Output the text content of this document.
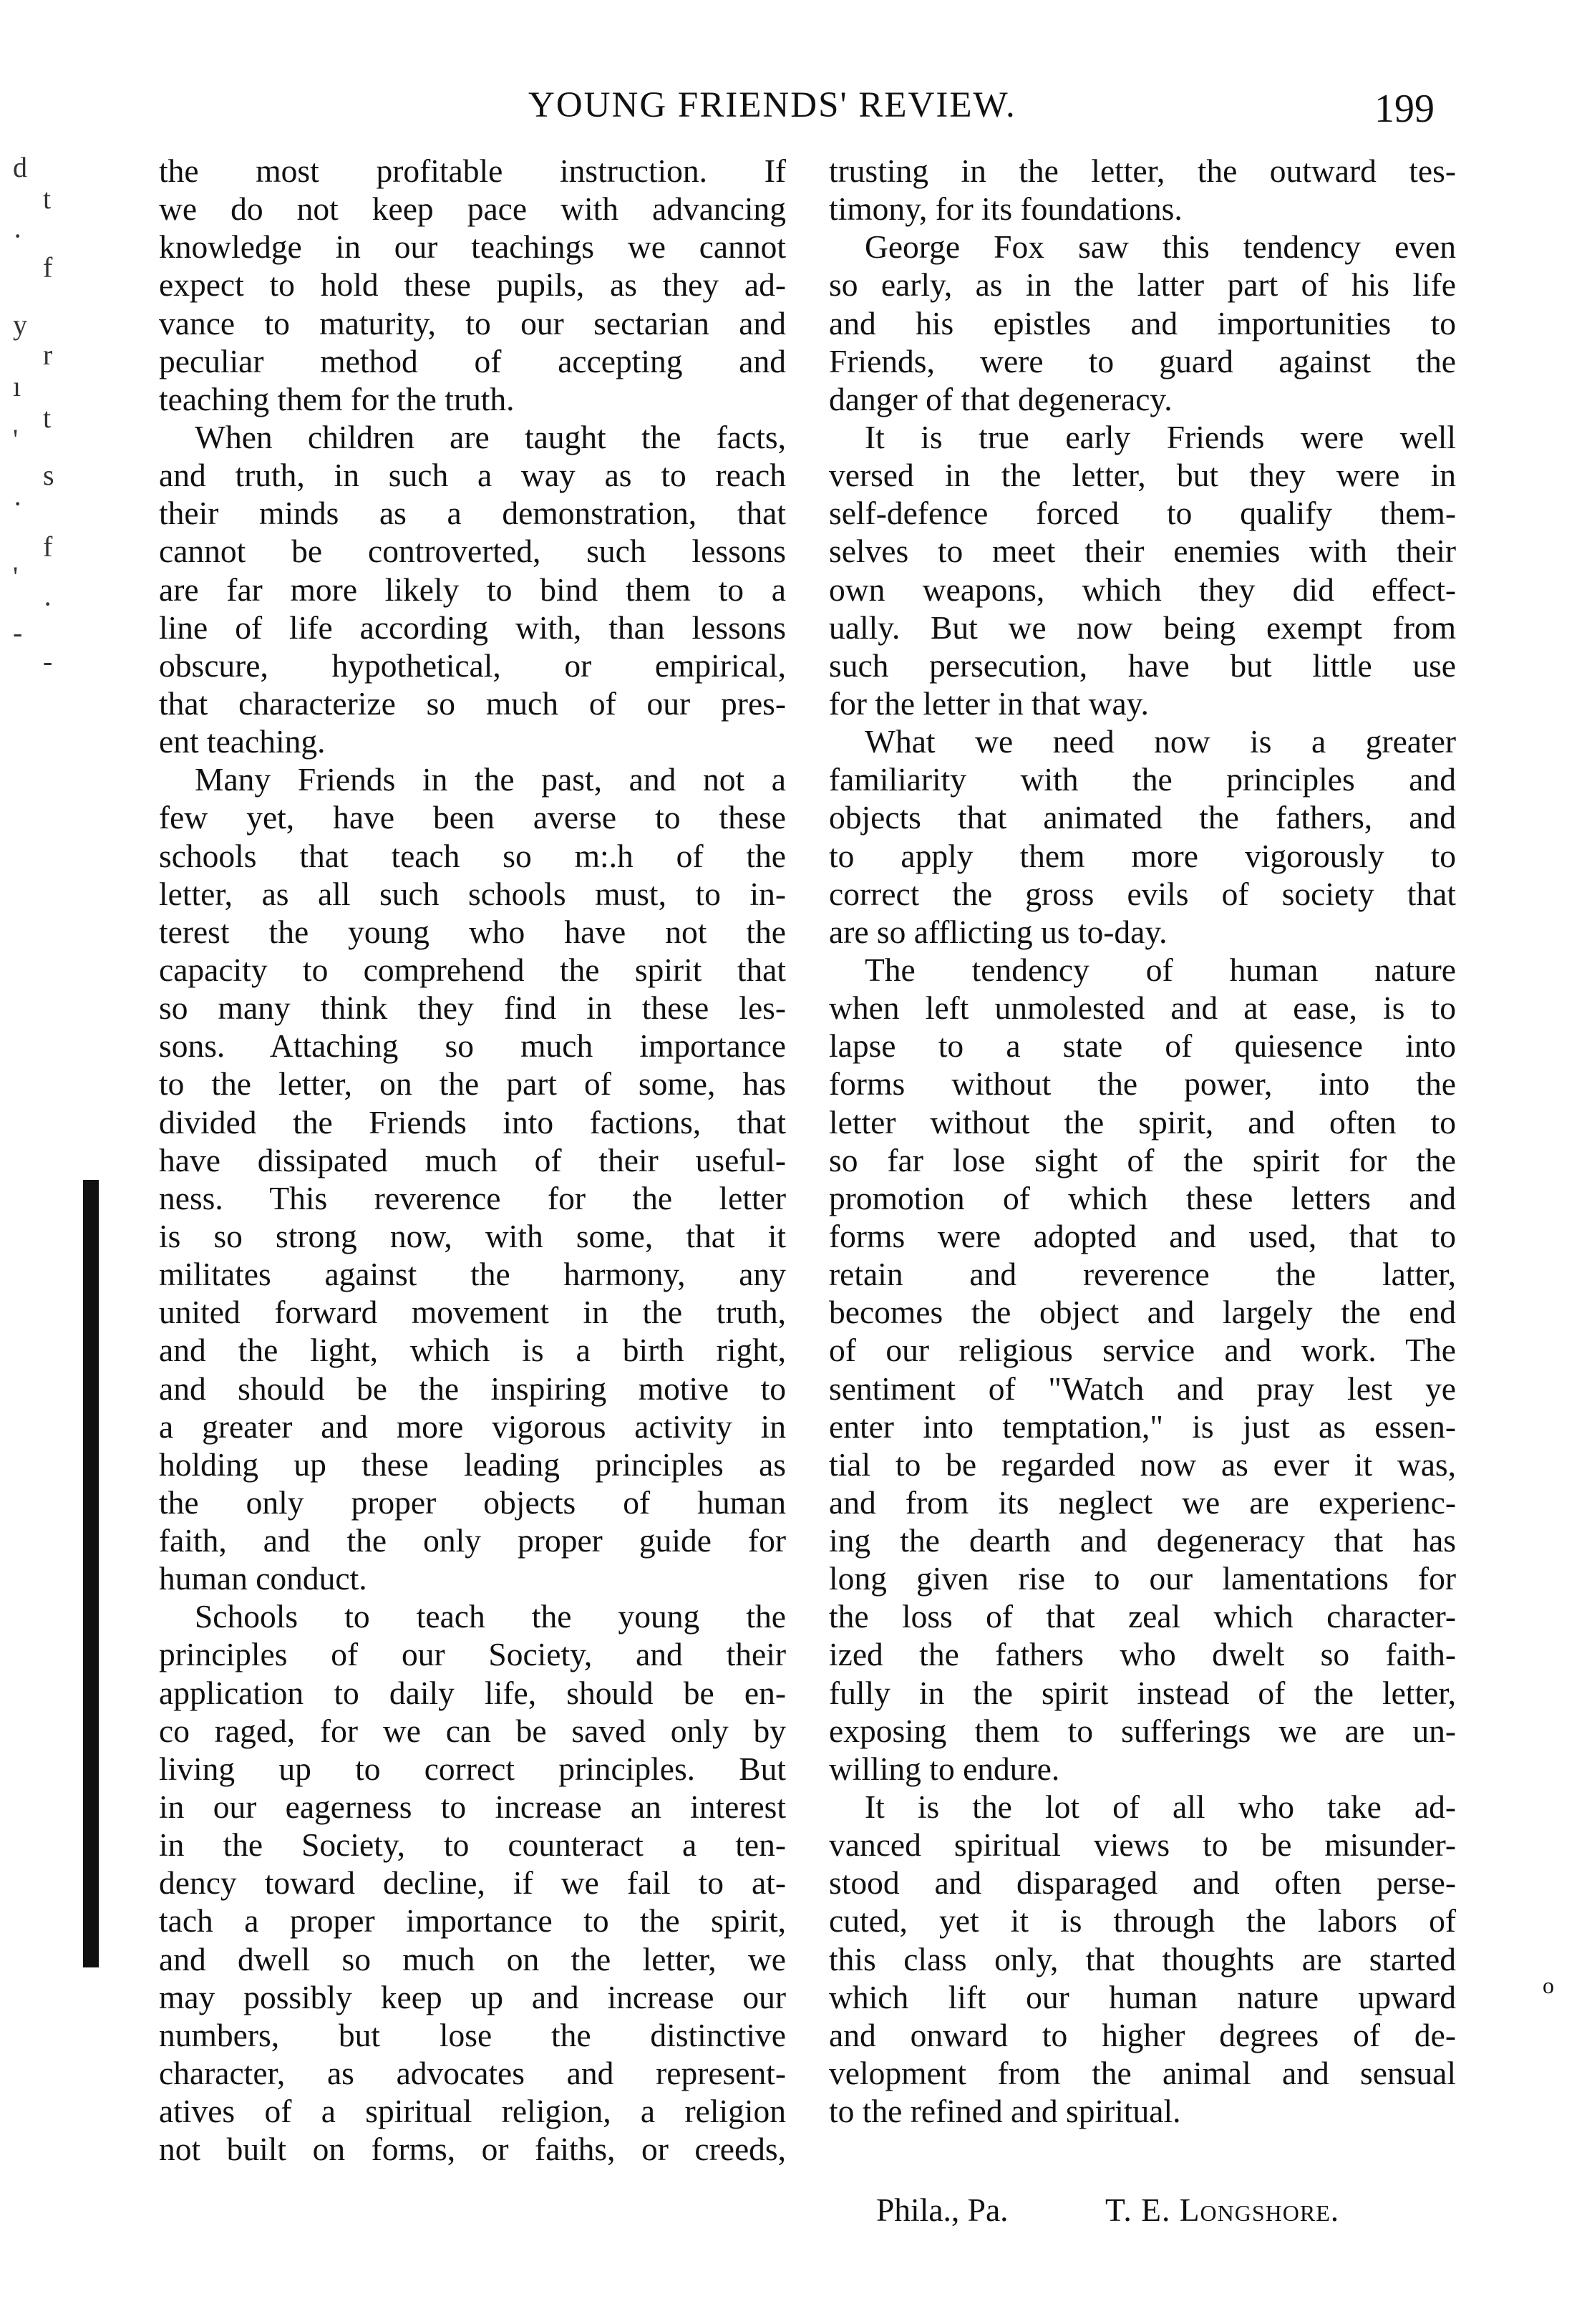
YOUNG FRIENDS' REVIEW.	199
d
t
·
f
y
r
ı
t
'
s
·
f
'
·
-
-
the most profitable instruction. If
we do not keep pace with advancing
knowledge in our teachings we cannot
expect to hold these pupils, as they ad-
vance to maturity, to our sectarian and
peculiar method of accepting and
teaching them for the truth.
When children are taught the facts,
and truth, in such a way as to reach
their minds as a demonstration, that
cannot be controverted, such lessons
are far more likely to bind them to a
line of life according with, than lessons
obscure, hypothetical, or empirical,
that characterize so much of our pres-
ent teaching.
Many Friends in the past, and not a
few yet, have been averse to these
schools that teach so m:.h of the
letter, as all such schools must, to in-
terest the young who have not the
capacity to comprehend the spirit that
so many think they find in these les-
sons. Attaching so much importance
to the letter, on the part of some, has
divided the Friends into factions, that
have dissipated much of their useful-
ness. This reverence for the letter
is so strong now, with some, that it
militates against the harmony, any
united forward movement in the truth,
and the light, which is a birth right,
and should be the inspiring motive to
a greater and more vigorous activity in
holding up these leading principles as
the only proper objects of human
faith, and the only proper guide for
human conduct.
Schools to teach the young the
principles of our Society, and their
application to daily life, should be en-
co raged, for we can be saved only by
living up to correct principles. But
in our eagerness to increase an interest
in the Society, to counteract a ten-
dency toward decline, if we fail to at-
tach a proper importance to the spirit,
and dwell so much on the letter, we
may possibly keep up and increase our
numbers, but lose the distinctive
character, as advocates and represent-
atives of a spiritual religion, a religion
not built on forms, or faiths, or creeds,
trusting in the letter, the outward tes-
timony, for its foundations.
George Fox saw this tendency even
so early, as in the latter part of his life
and his epistles and importunities to
Friends, were to guard against the
danger of that degeneracy.
It is true early Friends were well
versed in the letter, but they were in
self-defence forced to qualify them-
selves to meet their enemies with their
own weapons, which they did effect-
ually. But we now being exempt from
such persecution, have but little use
for the letter in that way.
What we need now is a greater
familiarity with the principles and
objects that animated the fathers, and
to apply them more vigorously to
correct the gross evils of society that
are so afflicting us to-day.
The tendency of human nature
when left unmolested and at ease, is to
lapse to a state of quiesence into
forms without the power, into the
letter without the spirit, and often to
so far lose sight of the spirit for the
promotion of which these letters and
forms were adopted and used, that to
retain and reverence the latter,
becomes the object and largely the end
of our religious service and work. The
sentiment of "Watch and pray lest ye
enter into temptation," is just as essen-
tial to be regarded now as ever it was,
and from its neglect we are experienc-
ing the dearth and degeneracy that has
long given rise to our lamentations for
the loss of that zeal which character-
ized the fathers who dwelt so faith-
fully in the spirit instead of the letter,
exposing them to sufferings we are un-
willing to endure.
It is the lot of all who take ad-
vanced spiritual views to be misunder-
stood and disparaged and often perse-
cuted, yet it is through the labors of
this class only, that thoughts are started
which lift our human nature upward
and onward to higher degrees of de-
velopment from the animal and sensual
to the refined and spiritual.
Phila., Pa.	T. E. Longshore.
o
